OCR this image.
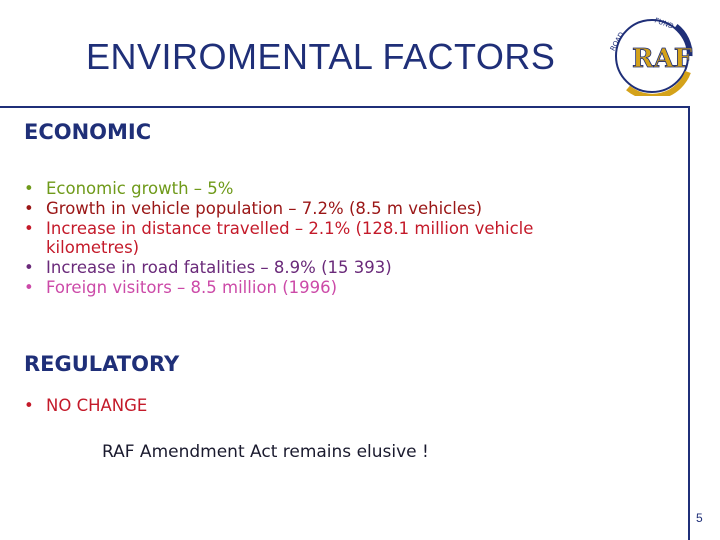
ENVIROMENTAL FACTORS	ROAD
FUND
RAF
ECONOMIC
• Economic growth – 5%
• Growth in vehicle population – 7.2% (8.5 m vehicles)
• Increase in distance travelled – 2.1% (128.1 million vehicle kilometres)
• Increase in road fatalities – 8.9% (15 393)
• Foreign visitors – 8.5 million (1996)
REGULATORY
• NO CHANGE
RAF Amendment Act remains elusive !
5
